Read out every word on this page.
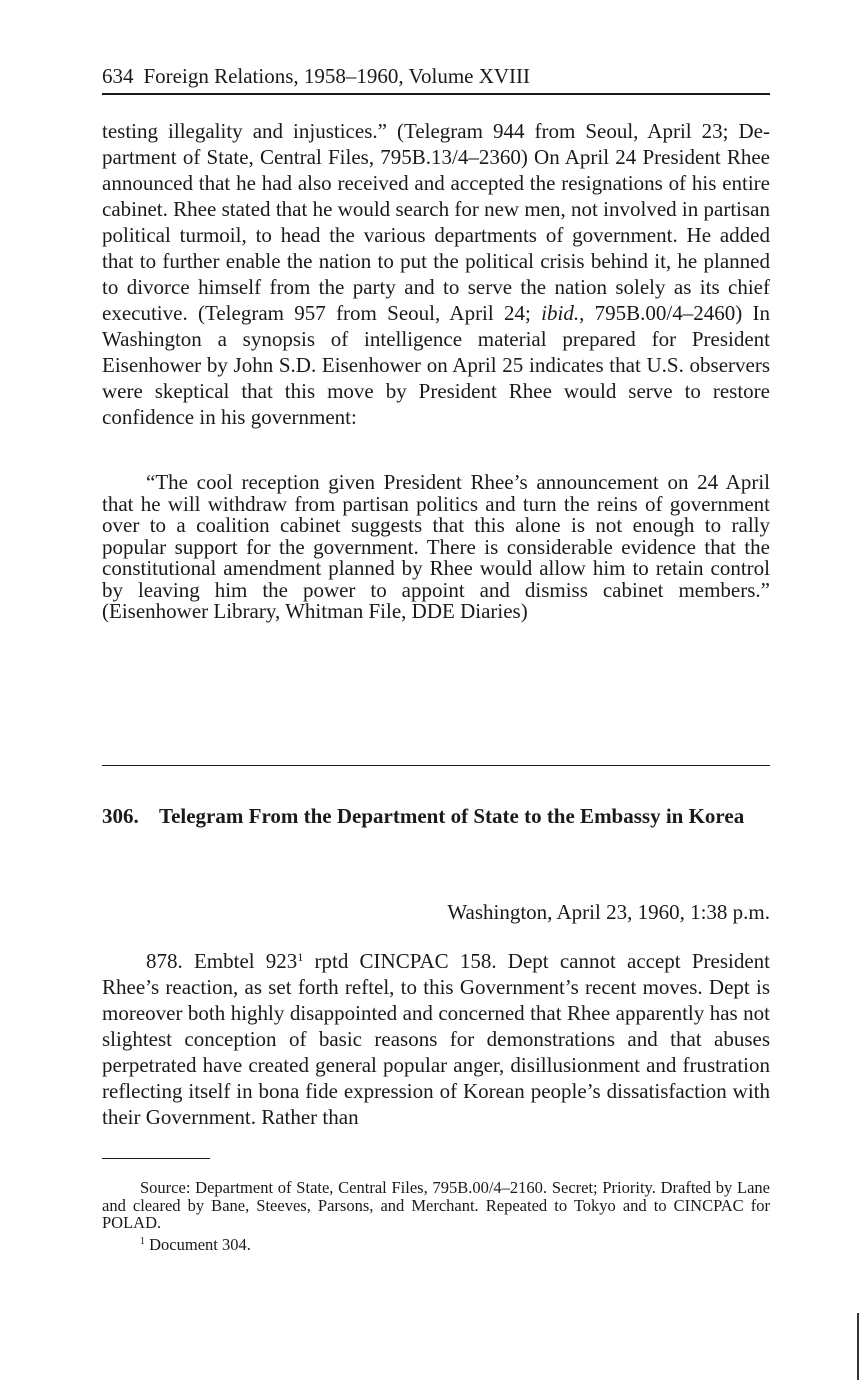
634 Foreign Relations, 1958–1960, Volume XVIII
testing illegality and injustices.” (Telegram 944 from Seoul, April 23; Department of State, Central Files, 795B.13/4–2360) On April 24 President Rhee announced that he had also received and accepted the resignations of his entire cabinet. Rhee stated that he would search for new men, not involved in partisan political turmoil, to head the various departments of government. He added that to further enable the nation to put the political crisis behind it, he planned to divorce himself from the party and to serve the nation solely as its chief executive. (Telegram 957 from Seoul, April 24; ibid., 795B.00/4–2460) In Washington a synopsis of intelligence material prepared for President Eisenhower by John S.D. Eisenhower on April 25 indicates that U.S. observers were skeptical that this move by President Rhee would serve to restore confidence in his government:
“The cool reception given President Rhee’s announcement on 24 April that he will withdraw from partisan politics and turn the reins of government over to a coalition cabinet suggests that this alone is not enough to rally popular support for the government. There is considerable evidence that the constitutional amendment planned by Rhee would allow him to retain control by leaving him the power to appoint and dismiss cabinet members.” (Eisenhower Library, Whitman File, DDE Diaries)
306. Telegram From the Department of State to the Embassy in Korea
Washington, April 23, 1960, 1:38 p.m.
878. Embtel 923$^1$ rptd CINCPAC 158. Dept cannot accept President Rhee’s reaction, as set forth reftel, to this Government’s recent moves. Dept is moreover both highly disappointed and concerned that Rhee apparently has not slightest conception of basic reasons for demonstrations and that abuses perpetrated have created general popular anger, disillusionment and frustration reflecting itself in bona fide expression of Korean people’s dissatisfaction with their Government. Rather than

Source: Department of State, Central Files, 795B.00/4–2160. Secret; Priority. Drafted by Lane and cleared by Bane, Steeves, Parsons, and Merchant. Repeated to Tokyo and to CINCPAC for POLAD.

$^1$ Document 304.
